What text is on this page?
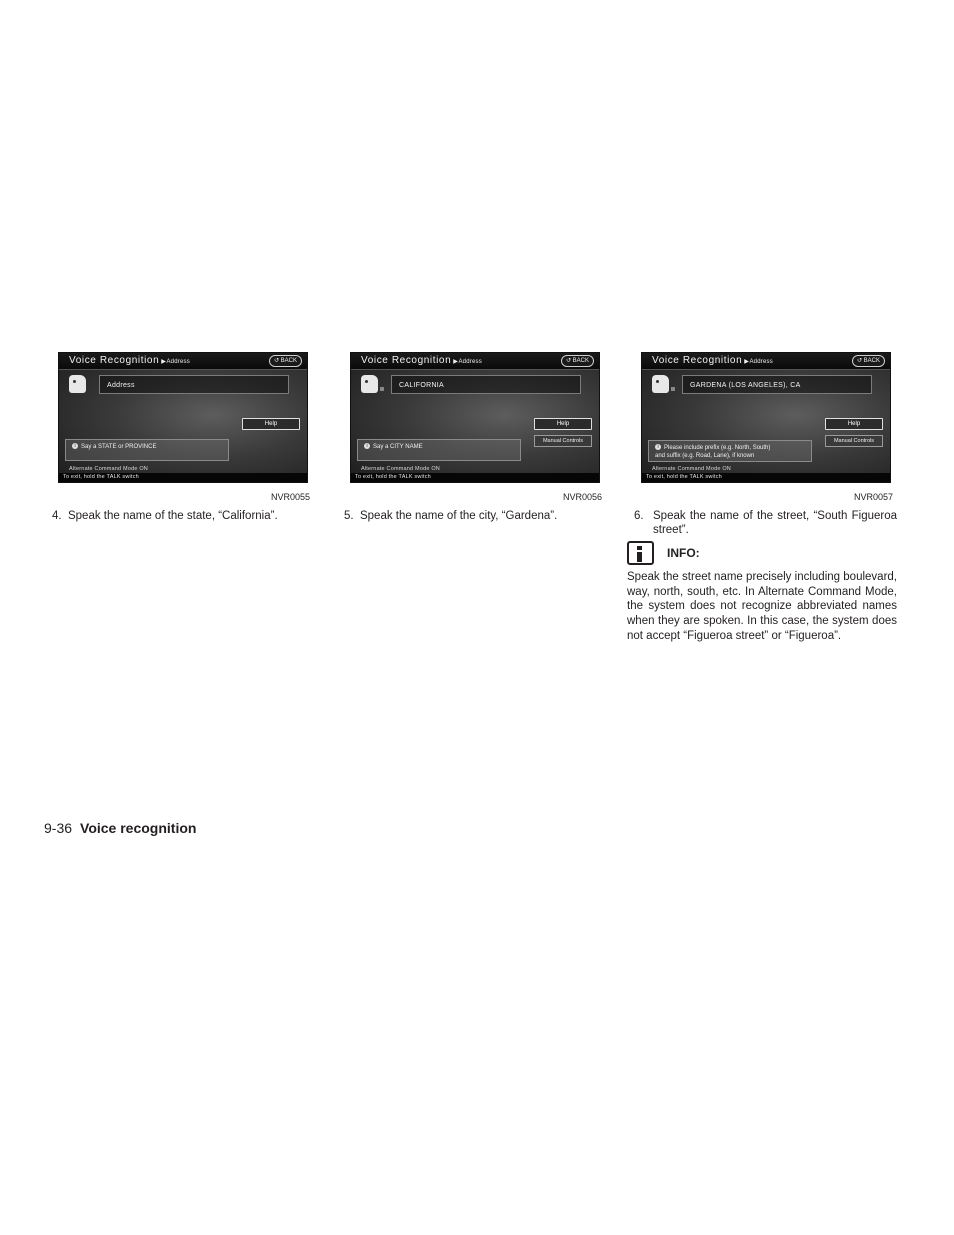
Voice Recognition ▶Address	↺ BACK
Address
Help
i Say a STATE or PROVINCE
Alternate Command Mode ON
To exit, hold the TALK switch
NVR0055
Voice Recognition ▶Address	↺ BACK
ıı
CALIFORNIA
Help
Manual Controls
i Say a CITY NAME
Alternate Command Mode ON
To exit, hold the TALK switch
NVR0056
Voice Recognition ▶Address	↺ BACK
ıı
GARDENA (LOS ANGELES), CA
Help
Manual Controls
i Please include prefix (e.g. North, South)
and suffix (e.g. Road, Lane), if known
Alternate Command Mode ON
To exit, hold the TALK switch
NVR0057
4. Speak the name of the state, “California”.	5. Speak the name of the city, “Gardena”.	6. Speak the name of the street, “South Figueroa street”.
INFO:
Speak the street name precisely including boulevard, way, north, south, etc. In Alternate Command Mode, the system does not recognize abbreviated names when they are spoken. In this case, the system does not accept “Figueroa street” or “Figueroa”.
9-36 Voice recognition
